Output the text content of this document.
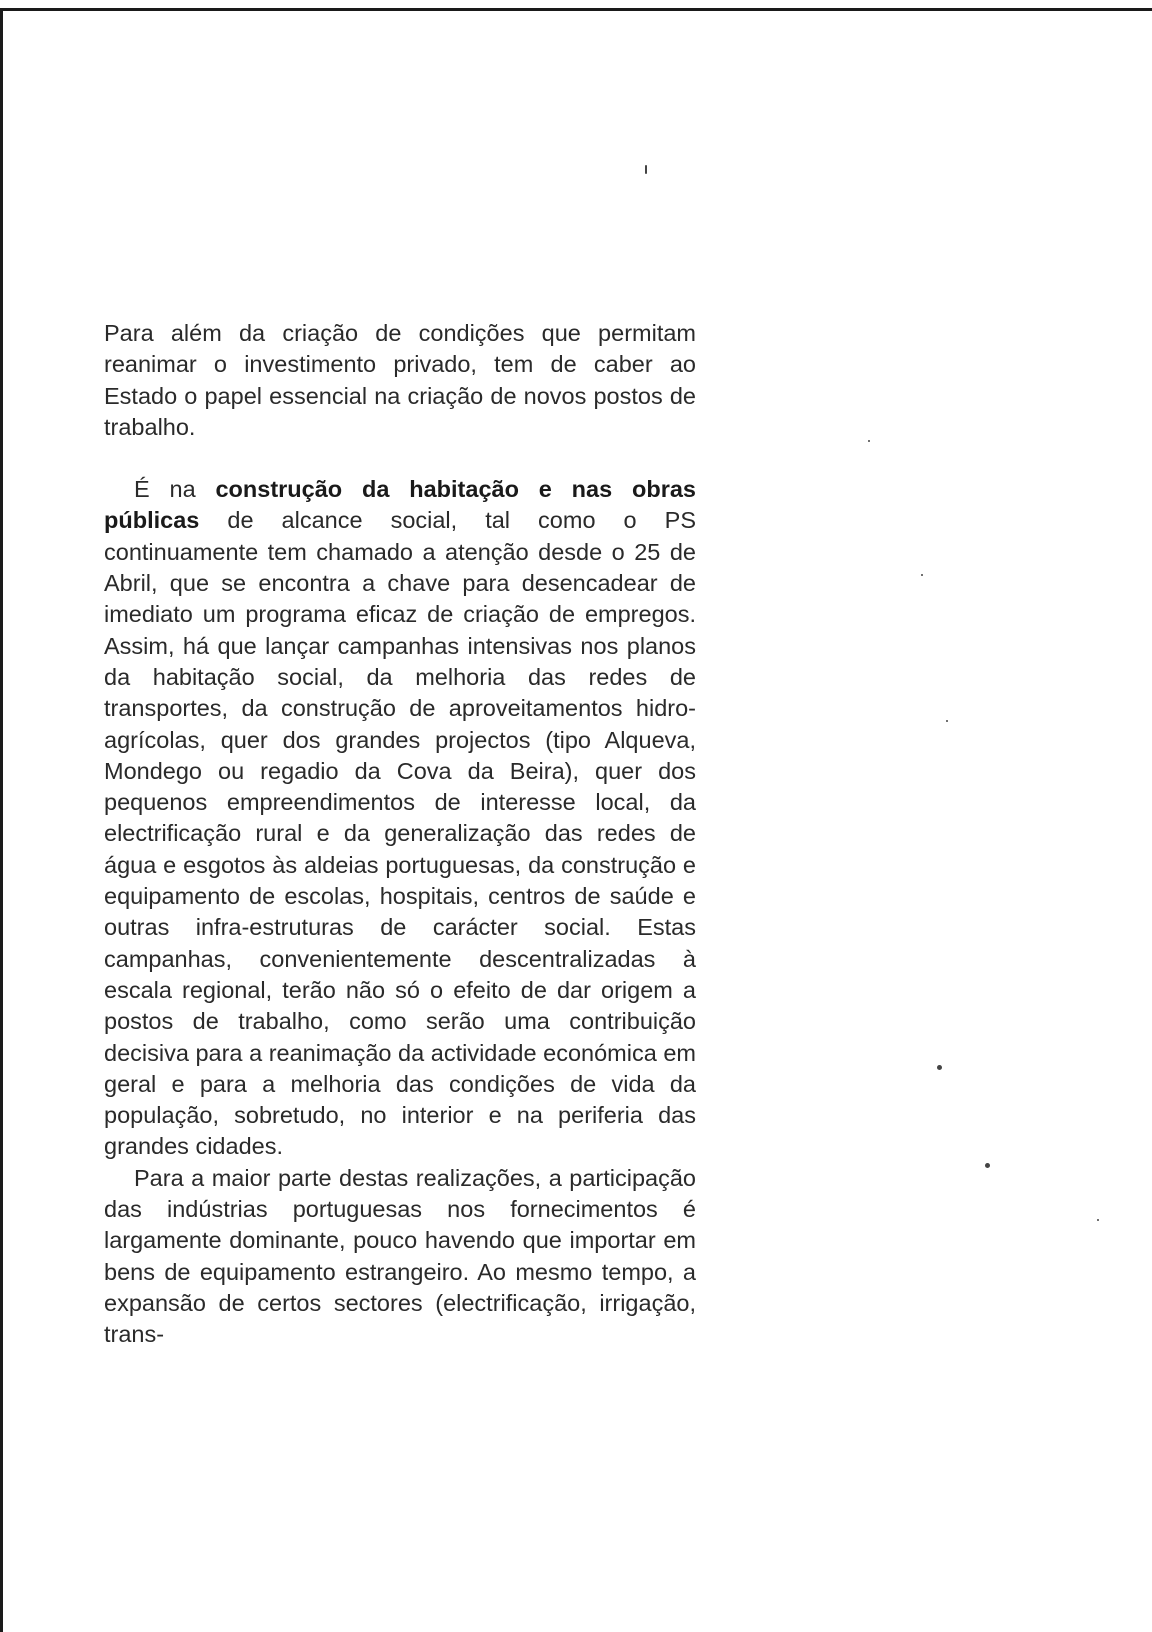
Para além da criação de condições que permitam reanimar o investimento privado, tem de caber ao Estado o papel essencial na criação de novos postos de trabalho.

É na construção da habitação e nas obras públicas de alcance social, tal como o PS continuamente tem chamado a atenção desde o 25 de Abril, que se encontra a chave para desencadear de imediato um programa eficaz de criação de empregos. Assim, há que lançar campanhas intensivas nos planos da habitação social, da melhoria das redes de transportes, da construção de aproveitamentos hidro-agrícolas, quer dos grandes projectos (tipo Alqueva, Mondego ou regadio da Cova da Beira), quer dos pequenos empreendimentos de interesse local, da electrificação rural e da generalização das redes de água e esgotos às aldeias portuguesas, da construção e equipamento de escolas, hospitais, centros de saúde e outras infra-estruturas de carácter social. Estas campanhas, convenientemente descentralizadas à escala regional, terão não só o efeito de dar origem a postos de trabalho, como serão uma contribuição decisiva para a reanimação da actividade económica em geral e para a melhoria das condições de vida da população, sobretudo, no interior e na periferia das grandes cidades.

Para a maior parte destas realizações, a participação das indústrias portuguesas nos fornecimentos é largamente dominante, pouco havendo que importar em bens de equipamento estrangeiro. Ao mesmo tempo, a expansão de certos sectores (electrificação, irrigação, trans-
